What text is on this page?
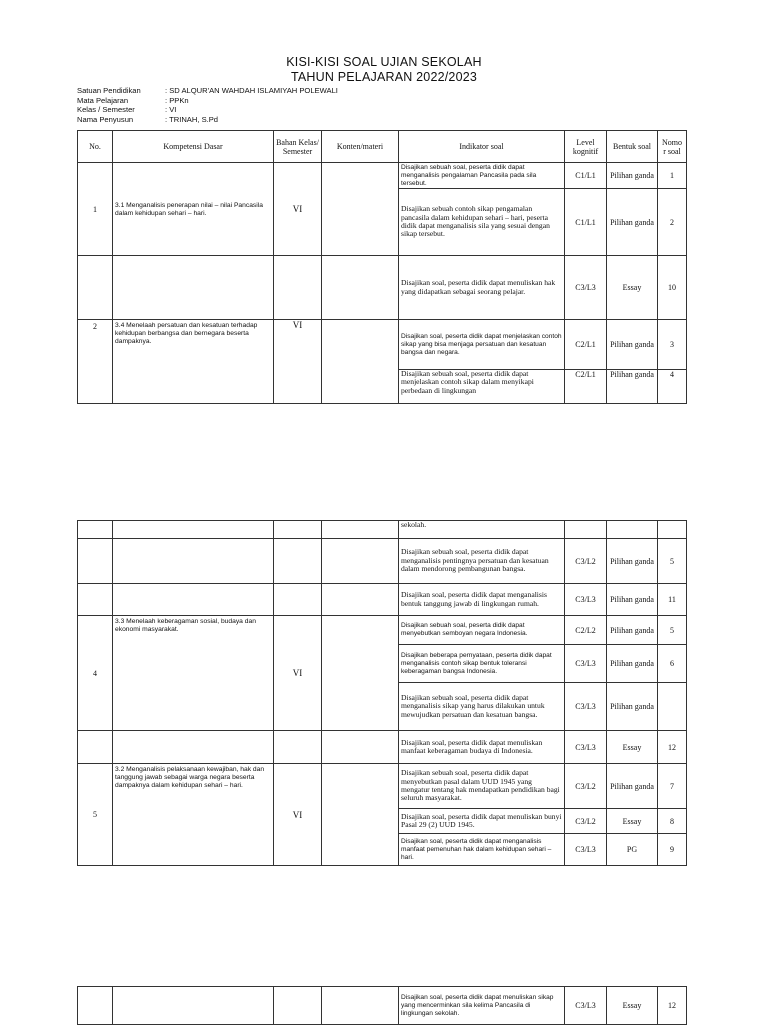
KISI-KISI SOAL UJIAN SEKOLAH
TAHUN PELAJARAN 2022/2023
Satuan Pendidikan	: SD ALQUR'AN WAHDAH ISLAMIYAH POLEWALI
Mata Pelajaran	: PPKn
Kelas / Semester	: VI
Nama Penyusun	: TRINAH, S.Pd
No.	Kompetensi Dasar	Bahan Kelas/ Semester	Konten/materi	Indikator soal	Level kognitif	Bentuk soal	Nomo r soal
1	3.1 Menganalisis penerapan nilai – nilai Pancasila dalam kehidupan sehari – hari.	VI		Disajikan sebuah soal, peserta didik dapat menganalisis pengalaman Pancasila pada sila tersebut.	C1/L1	Pilihan ganda	1
				Disajikan sebuah contoh sikap pengamalan pancasila dalam kehidupan sehari – hari, peserta didik dapat menganalisis sila yang sesuai dengan sikap tersebut.	C1/L1	Pilihan ganda	2
				Disajikan soal, peserta didik dapat menuliskan hak yang didapatkan sebagai seorang pelajar.	C3/L3	Essay	10
2	3.4 Menelaah persatuan dan kesatuan terhadap kehidupan berbangsa dan bernegara beserta dampaknya.	VI		Disajikan soal, peserta didik dapat menjelaskan contoh sikap yang bisa menjaga persatuan dan kesatuan bangsa dan negara.	C2/L1	Pilihan ganda	3
				Disajikan sebuah soal, peserta didik dapat menjelaskan contoh sikap dalam menyikapi perbedaan di lingkungan	C2/L1	Pilihan ganda	4
				sekolah.			
				Disajikan sebuah soal, peserta didik dapat menganalisis pentingnya persatuan dan kesatuan dalam mendorong pembangunan bangsa.	C3/L2	Pilihan ganda	5
				Disajikan soal, peserta didik dapat menganalisis bentuk tanggung jawab di lingkungan rumah.	C3/L3	Pilihan ganda	11
4	3.3 Menelaah keberagaman sosial, budaya dan ekonomi masyarakat.	VI		Disajikan sebuah soal, peserta didik dapat menyebutkan semboyan negara Indonesia.	C2/L2	Pilihan ganda	5
				Disajikan beberapa pernyataan, peserta didik dapat menganalisis contoh sikap bentuk toleransi keberagaman bangsa Indonesia.	C3/L3	Pilihan ganda	6
				Disajikan sebuah soal, peserta didik dapat menganalisis sikap yang harus dilakukan untuk mewujudkan persatuan dan kesatuan bangsa.	C3/L3	Pilihan ganda	
				Disajikan soal, peserta didik dapat menuliskan manfaat keberagaman budaya di Indonesia.	C3/L3	Essay	12
5	3.2 Menganalisis pelaksanaan kewajiban, hak dan tanggung jawab sebagai warga negara beserta dampaknya dalam kehidupan sehari – hari.	VI		Disajikan sebuah soal, peserta didik dapat menyebutkan pasal dalam UUD 1945 yang mengatur tentang hak mendapatkan pendidikan bagi seluruh masyarakat.	C3/L2	Pilihan ganda	7
				Disajikan soal, peserta didik dapat menuliskan bunyi Pasal 29 (2) UUD 1945.	C3/L2	Essay	8
				Disajikan soal, peserta didik dapat menganalisis manfaat pemenuhan hak dalam kehidupan sehari – hari.	C3/L3	PG	9
				Disajikan soal, peserta didik dapat menuliskan sikap yang mencerminkan sila kelima Pancasila di lingkungan sekolah.	C3/L3	Essay	12
